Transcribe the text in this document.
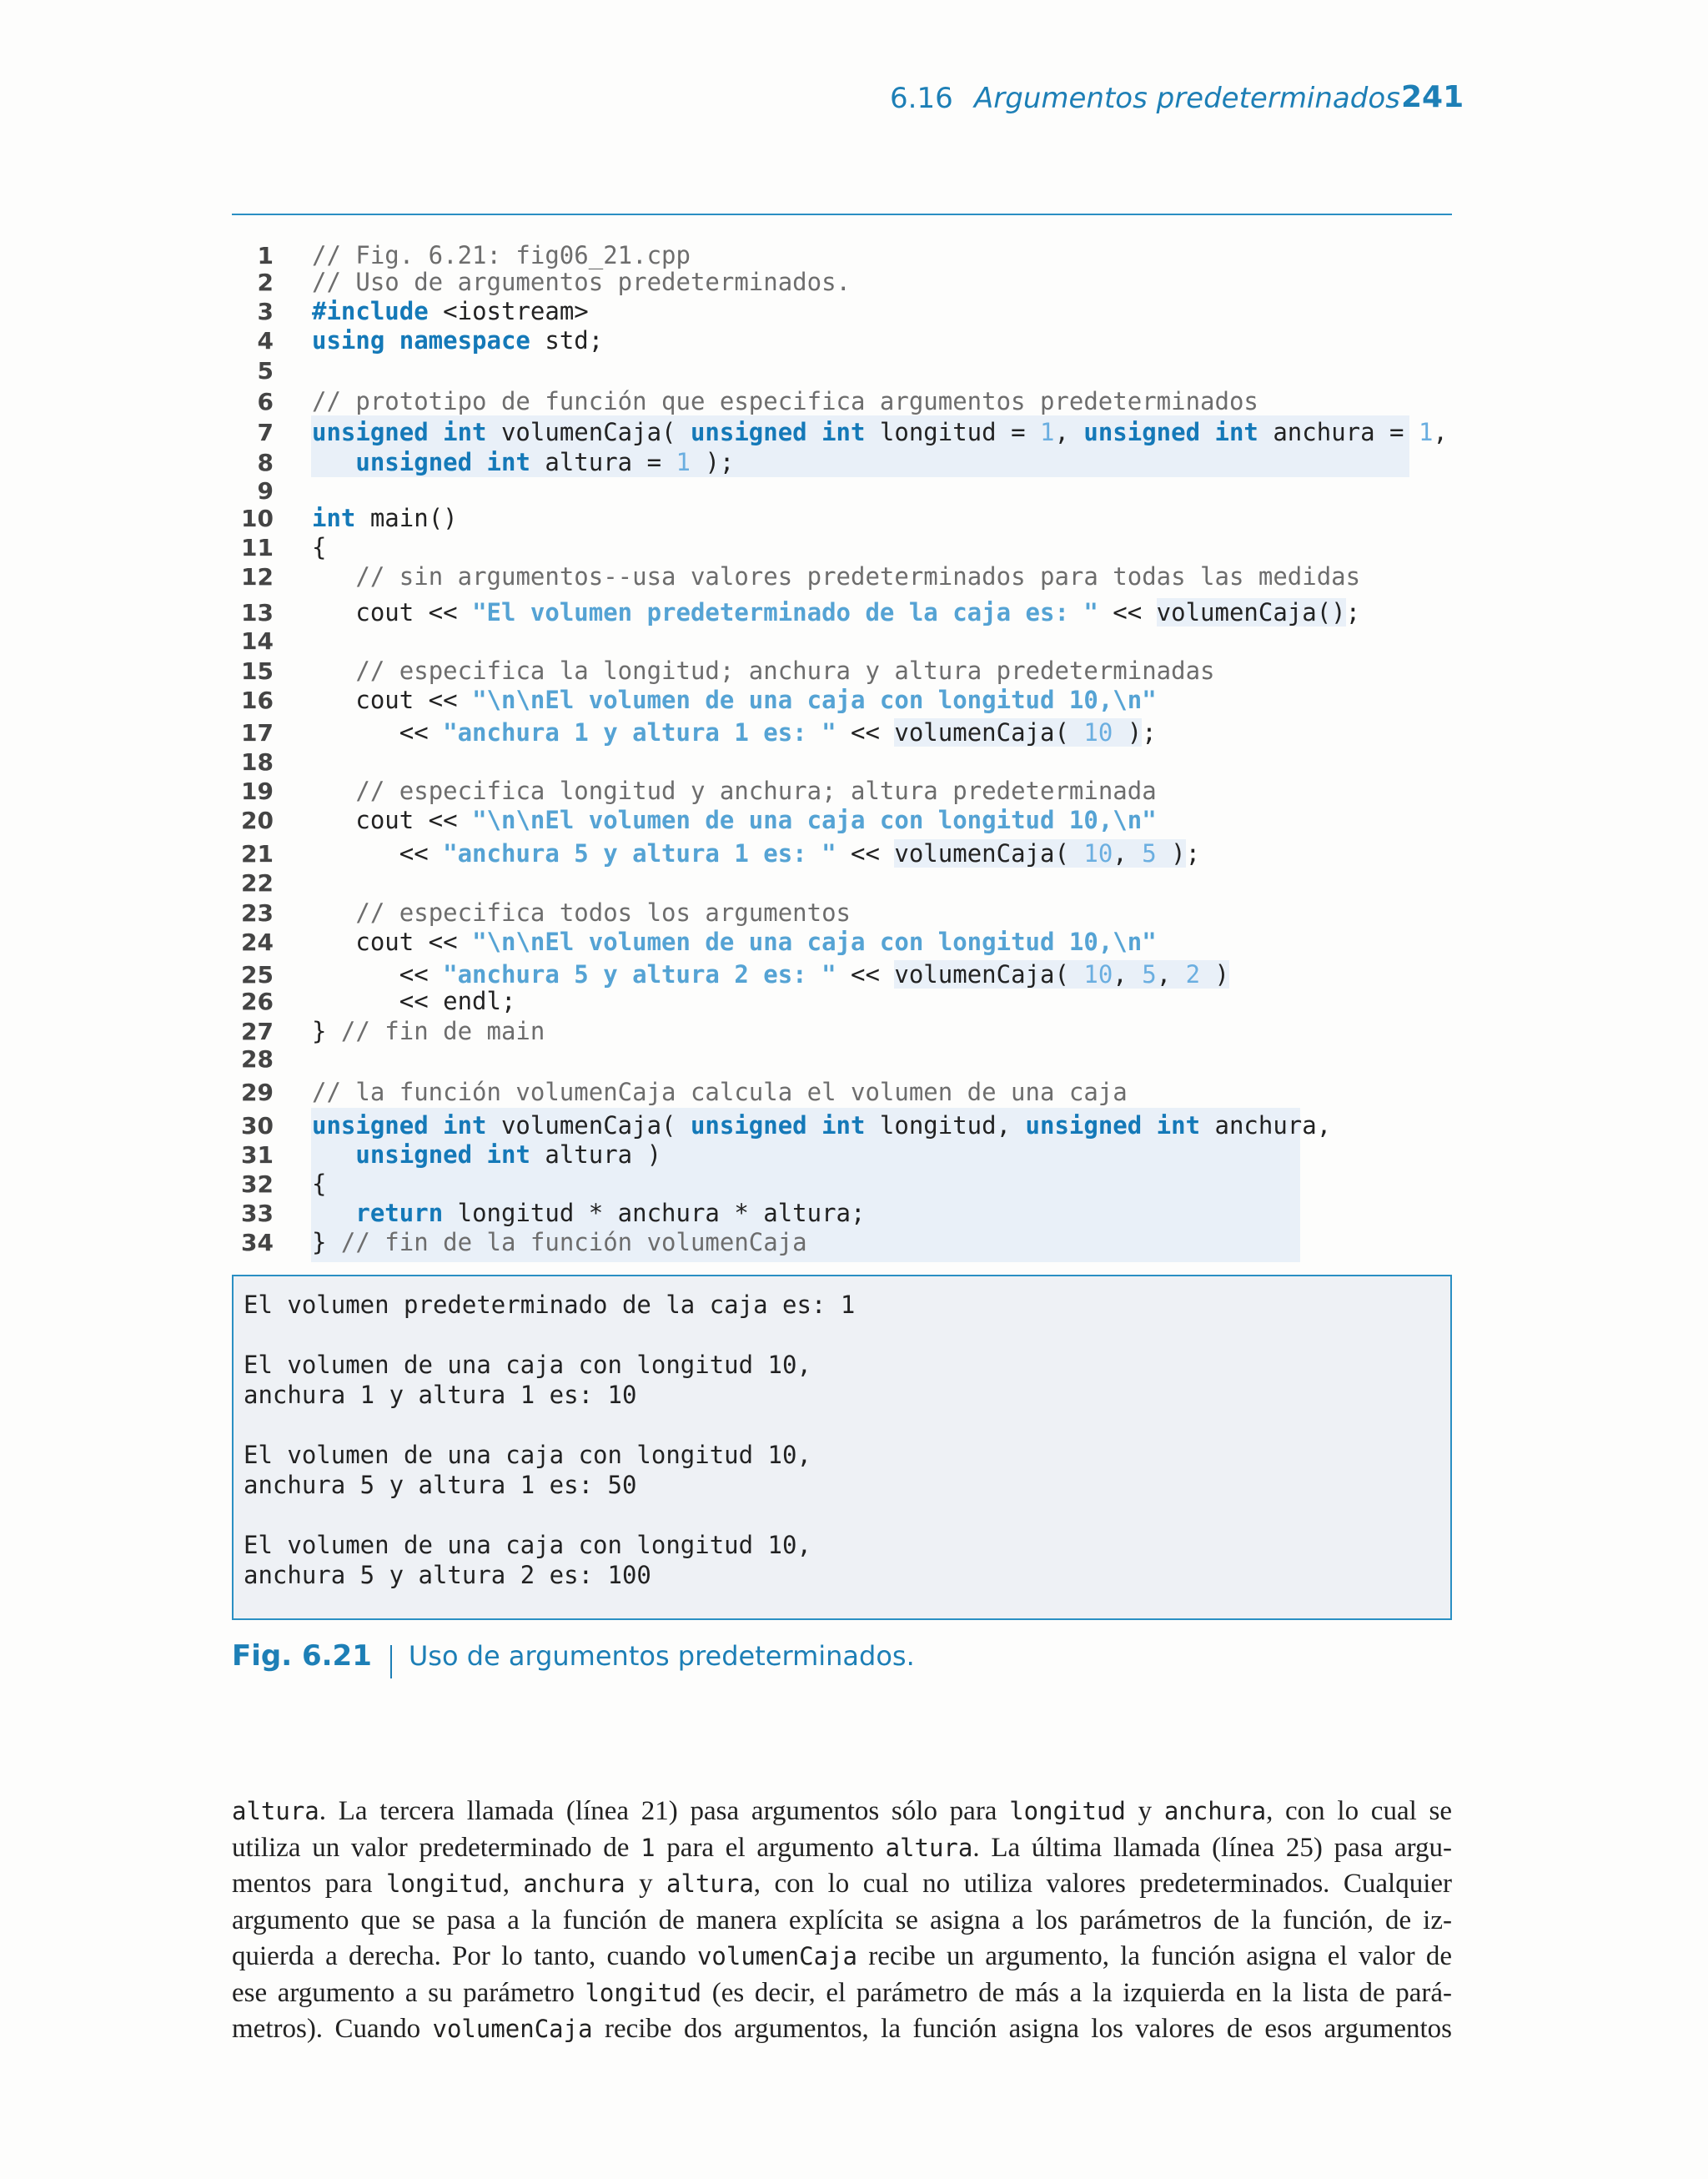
6.16 Argumentos predeterminados 241
1 // Fig. 6.21: fig06_21.cpp
2 // Uso de argumentos predeterminados.
3 #include <iostream>
4 using namespace std;
5
6 // prototipo de función que especifica argumentos predeterminados
7 unsigned int volumenCaja( unsigned int longitud = 1, unsigned int anchura = 1,
8	unsigned int altura = 1 );
9
10 int main()
11 {
12	// sin argumentos--usa valores predeterminados para todas las medidas
13   cout << "El volumen predeterminado de la caja es: " << volumenCaja();
14
15	// especifica la longitud; anchura y altura predeterminadas
16   cout << "\n\nEl volumen de una caja con longitud 10,\n"
17      << "anchura 1 y altura 1 es: " << volumenCaja( 10 );
18
19	// especifica longitud y anchura; altura predeterminada
20   cout << "\n\nEl volumen de una caja con longitud 10,\n"
21      << "anchura 5 y altura 1 es: " << volumenCaja( 10, 5 );
22
23	// especifica todos los argumentos
24   cout << "\n\nEl volumen de una caja con longitud 10,\n"
25      << "anchura 5 y altura 2 es: " << volumenCaja( 10, 5, 2 )
26      << endl;
27 } // fin de main
28
29 // la función volumenCaja calcula el volumen de una caja
30 unsigned int volumenCaja( unsigned int longitud, unsigned int anchura,
31	unsigned int altura )
32 {
33	return longitud * anchura * altura;
34 } // fin de la función volumenCaja
El volumen predeterminado de la caja es: 1
El volumen de una caja con longitud 10,
anchura 1 y altura 1 es: 10
El volumen de una caja con longitud 10,
anchura 5 y altura 1 es: 50
El volumen de una caja con longitud 10,
anchura 5 y altura 2 es: 100
Fig. 6.21 Uso de argumentos predeterminados.
altura. La tercera llamada (línea 21) pasa argumentos sólo para longitud y anchura, con lo cual se
utiliza un valor predeterminado de 1 para el argumento altura. La última llamada (línea 25) pasa argu-
mentos para longitud, anchura y altura, con lo cual no utiliza valores predeterminados. Cualquier
argumento que se pasa a la función de manera explícita se asigna a los parámetros de la función, de iz-
quierda a derecha. Por lo tanto, cuando volumenCaja recibe un argumento, la función asigna el valor de
ese argumento a su parámetro longitud (es decir, el parámetro de más a la izquierda en la lista de pará-
metros). Cuando volumenCaja recibe dos argumentos, la función asigna los valores de esos argumentos
